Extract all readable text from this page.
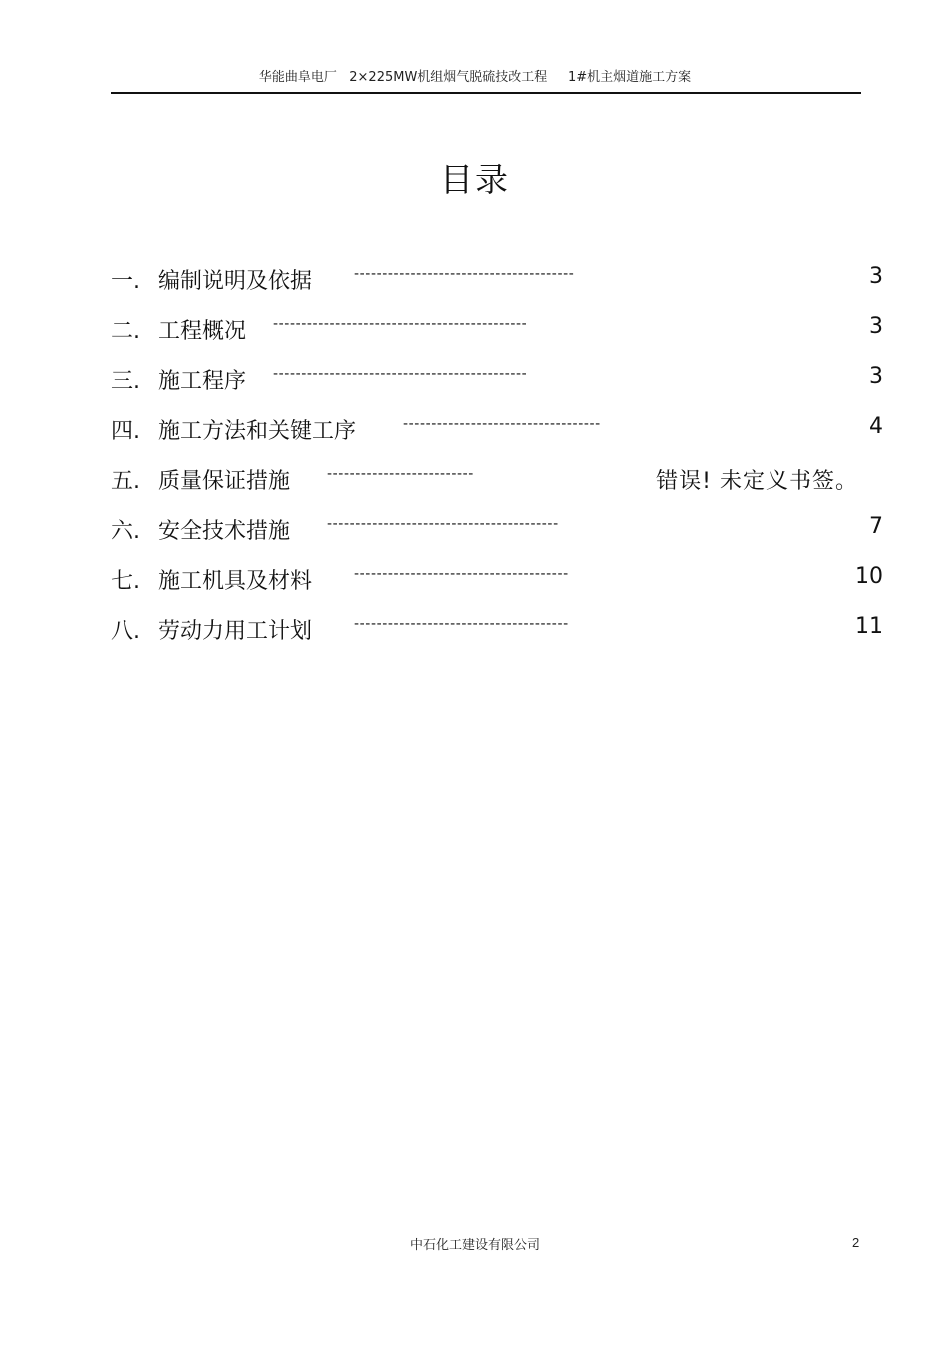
华能曲阜电厂   2×225MW机组烟气脱硫技改工程     1#机主烟道施工方案
目录
一. 编制说明及依据	---------------------------------------	3
二. 工程概况 ---------------------------------------------	3
三. 施工程序 ---------------------------------------------	3
四. 施工方法和关键工序	-----------------------------------	4
五. 质量保证措施	--------------------------	错误! 未定义书签。
六. 安全技术措施	-----------------------------------------	7
七. 施工机具及材料	--------------------------------------	10
八. 劳动力用工计划	--------------------------------------	11
中石化工建设有限公司	2
